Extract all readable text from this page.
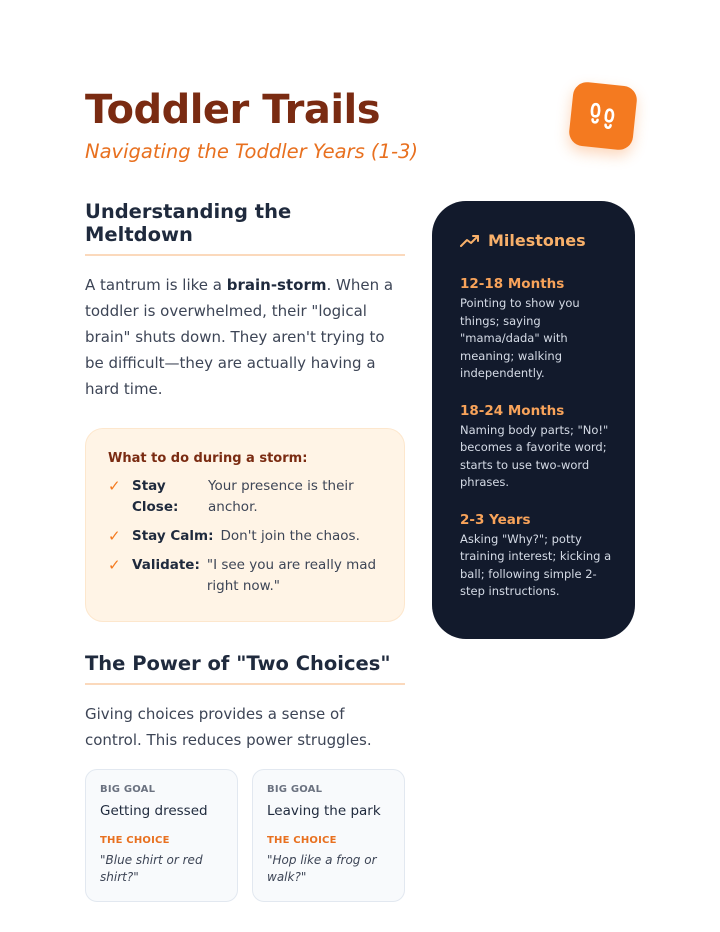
Toddler Trails
Navigating the Toddler Years (1-3)
Understanding the Meltdown

A tantrum is like a brain-storm. When a toddler is overwhelmed, their "logical brain" shuts down. They aren't trying to be difficult—they are actually having a hard time.

What to do during a storm:
✓ Stay Close:
Your presence is their anchor.
✓ Stay Calm: Don't join the chaos.
✓ Validate: "I see you are really mad right now."
The Power of "Two Choices"

Giving choices provides a sense of control. This reduces power struggles.

BIG GOAL
Getting dressed
THE CHOICE
"Blue shirt or red shirt?"
BIG GOAL
Leaving the park
THE CHOICE
"Hop like a frog or walk?"
Milestones
12-18 Months
Pointing to show you things; saying "mama/dada" with meaning; walking independently.
18-24 Months
Naming body parts; "No!" becomes a favorite word; starts to use two-word phrases.
2-3 Years
Asking "Why?"; potty training interest; kicking a ball; following simple 2-step instructions.
